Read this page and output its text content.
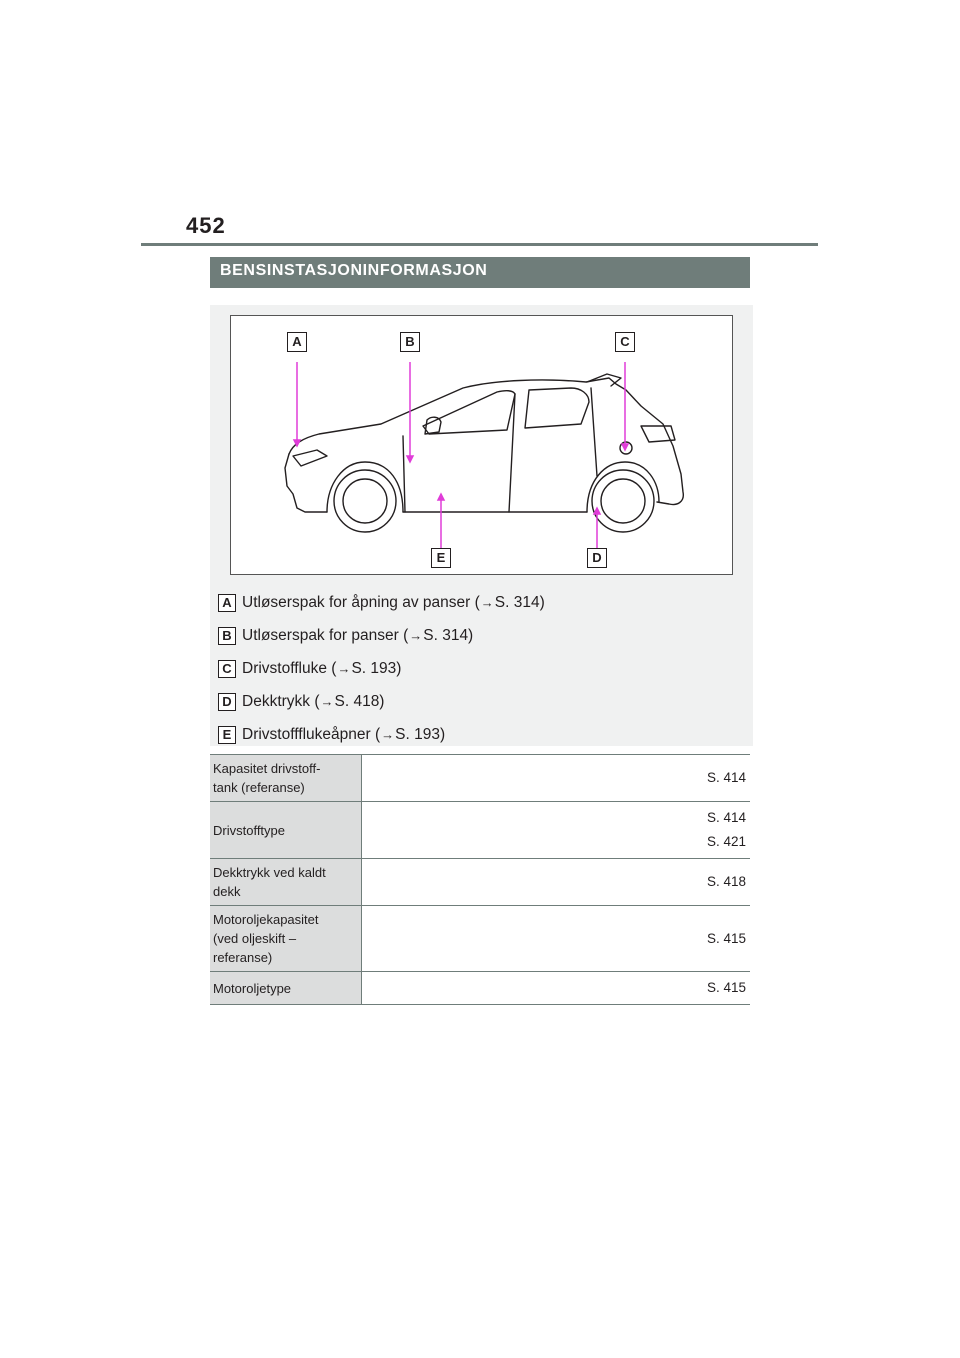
452
BENSINSTASJONINFORMASJON
A	B	C
D
E
A Utløserspak for åpning av panser ( → S. 314)
B Utløserspak for panser ( → S. 314)
C Drivstoffluke ( → S. 193)
D Dekktrykk ( → S. 418)
E Drivstoffflukeåpner ( → S. 193)
Kapasitet drivstoff-
tank (referanse)	S. 414

Drivstofftype	S. 414
S. 421

Dekktrykk ved kaldt
dekk	S. 418

Motoroljekapasitet
(ved oljeskift –
referanse)	S. 415

Motoroljetype	S. 415
